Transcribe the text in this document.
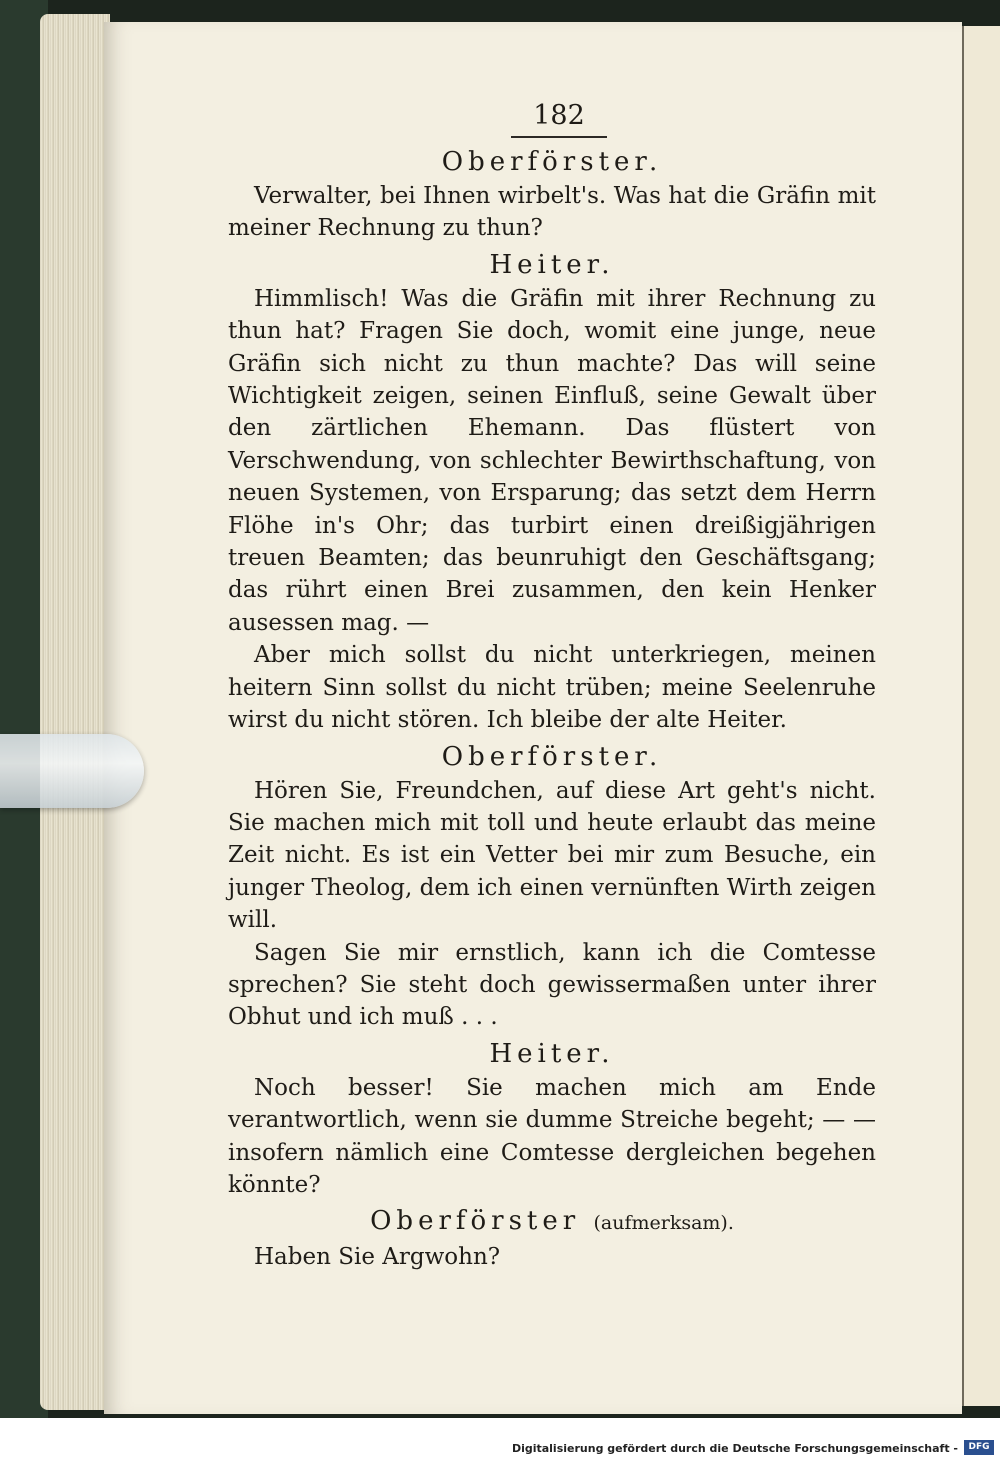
182
Oberförster.

Verwalter, bei Ihnen wirbelt's. Was hat die Gräfin mit meiner Rechnung zu thun?

Heiter.

Himmlisch! Was die Gräfin mit ihrer Rechnung zu thun hat? Fragen Sie doch, womit eine junge, neue Gräfin sich nicht zu thun machte? Das will seine Wichtigkeit zeigen, seinen Einfluß, seine Gewalt über den zärtlichen Ehemann. Das flüstert von Verschwendung, von schlechter Bewirthschaftung, von neuen Systemen, von Ersparung; das setzt dem Herrn Flöhe in's Ohr; das turbirt einen dreißigjährigen treuen Beamten; das beunruhigt den Geschäftsgang; das rührt einen Brei zusammen, den kein Henker ausessen mag. —

Aber mich sollst du nicht unterkriegen, meinen heitern Sinn sollst du nicht trüben; meine Seelenruhe wirst du nicht stören. Ich bleibe der alte Heiter.

Oberförster.

Hören Sie, Freundchen, auf diese Art geht's nicht. Sie machen mich mit toll und heute erlaubt das meine Zeit nicht. Es ist ein Vetter bei mir zum Besuche, ein junger Theolog, dem ich einen vernünften Wirth zeigen will.

Sagen Sie mir ernstlich, kann ich die Comtesse sprechen? Sie steht doch gewissermaßen unter ihrer Obhut und ich muß . . .

Heiter.

Noch besser! Sie machen mich am Ende verantwortlich, wenn sie dumme Streiche begeht; — — insofern nämlich eine Comtesse dergleichen begehen könnte?

Oberförster (aufmerksam).

Haben Sie Argwohn?

Digitalisierung gefördert durch die Deutsche Forschungsgemeinschaft -	DFG
